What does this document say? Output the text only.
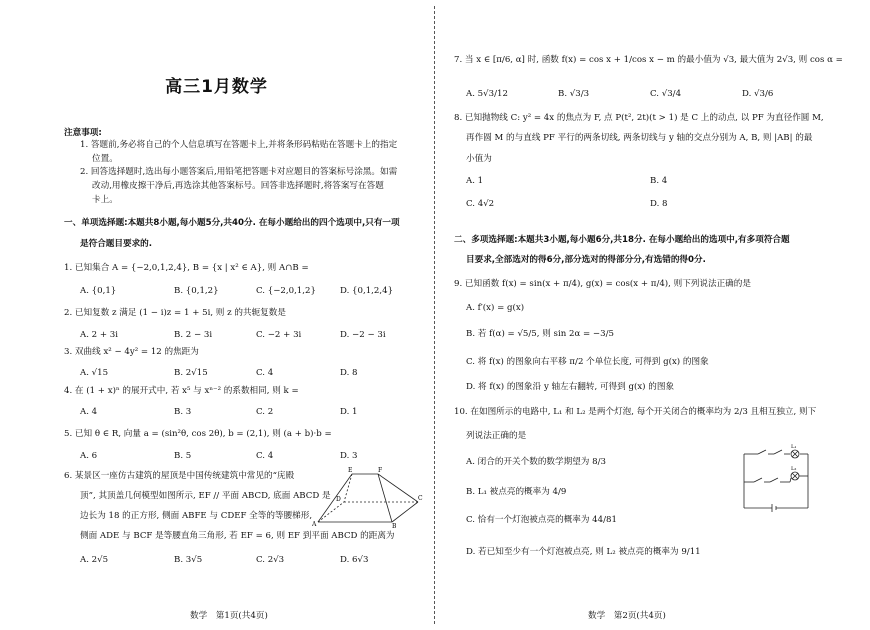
高三1月数学
注意事项:
1. 答题前,务必将自己的个人信息填写在答题卡上,并将条形码粘贴在答题卡上的指定
位置。
2. 回答选择题时,选出每小题答案后,用铅笔把答题卡对应题目的答案标号涂黑。如需
改动,用橡皮擦干净后,再选涂其他答案标号。回答非选择题时,将答案写在答题
卡上。
一、单项选择题:本题共8小题,每小题5分,共40分. 在每小题给出的四个选项中,只有一项
是符合题目要求的.
1. 已知集合 A = {−2,0,1,2,4}, B = {x | x² ∈ A}, 则 A∩B =
A. {0,1}	B. {0,1,2}	C. {−2,0,1,2}	D. {0,1,2,4}
2. 已知复数 z 满足 (1 − i)z = 1 + 5i, 则 z 的共轭复数是
A. 2 + 3i	B. 2 − 3i	C. −2 + 3i	D. −2 − 3i
3. 双曲线 x² − 4y² = 12 的焦距为
A. √15	B. 2√15	C. 4	D. 8
4. 在 (1 + x)ⁿ 的展开式中, 若 x⁵ 与 xⁿ⁻² 的系数相同, 则 k =
A. 4	B. 3	C. 2	D. 1
5. 已知 θ ∈ R, 向量 a = (sin²θ, cos 2θ), b = (2,1), 则 (a + b)·b =
A. 6	B. 5	C. 4	D. 3
6. 某景区一座仿古建筑的屋顶是中国传统建筑中常见的“庑殿
顶”, 其顶盖几何模型如图所示, EF // 平面 ABCD, 底面 ABCD 是
边长为 18 的正方形, 侧面 ABFE 与 CDEF 全等的等腰梯形,
侧面 ADE 与 BCF 是等腰直角三角形, 若 EF = 6, 则 EF 到平面 ABCD 的距离为
A. 2√5	B. 3√5	C. 2√3	D. 6√3
E	F
D	C
A	B
数学　第1页(共4页)
7. 当 x ∈ [π/6, α] 时, 函数 f(x) = cos x + 1/cos x − m 的最小值为 √3, 最大值为 2√3, 则 cos α =
A. 5√3/12	B. √3/3	C. √3/4	D. √3/6
8. 已知抛物线 C: y² = 4x 的焦点为 F, 点 P(t², 2t)(t > 1) 是 C 上的动点, 以 PF 为直径作圆 M,
再作圆 M 的与直线 PF 平行的两条切线, 两条切线与 y 轴的交点分别为 A, B, 则 |AB| 的最
小值为
A. 1	B. 4
C. 4√2	D. 8
二、多项选择题:本题共3小题,每小题6分,共18分. 在每小题给出的选项中,有多项符合题
目要求,全部选对的得6分,部分选对的得部分分,有选错的得0分.
9. 已知函数 f(x) = sin(x + π/4), g(x) = cos(x + π/4), 则下列说法正确的是
A. f′(x) = g(x)
B. 若 f(α) = √5/5, 则 sin 2α = −3/5
C. 将 f(x) 的图象向右平移 π/2 个单位长度, 可得到 g(x) 的图象
D. 将 f(x) 的图象沿 y 轴左右翻转, 可得到 g(x) 的图象
10. 在如图所示的电路中, L₁ 和 L₂ 是两个灯泡, 每个开关闭合的概率均为 2/3 且相互独立, 则下
列说法正确的是
A. 闭合的开关个数的数学期望为 8/3
B. L₁ 被点亮的概率为 4/9
C. 恰有一个灯泡被点亮的概率为 44/81
D. 若已知至少有一个灯泡被点亮, 则 L₂ 被点亮的概率为 9/11
L₁
L₂
数学　第2页(共4页)
